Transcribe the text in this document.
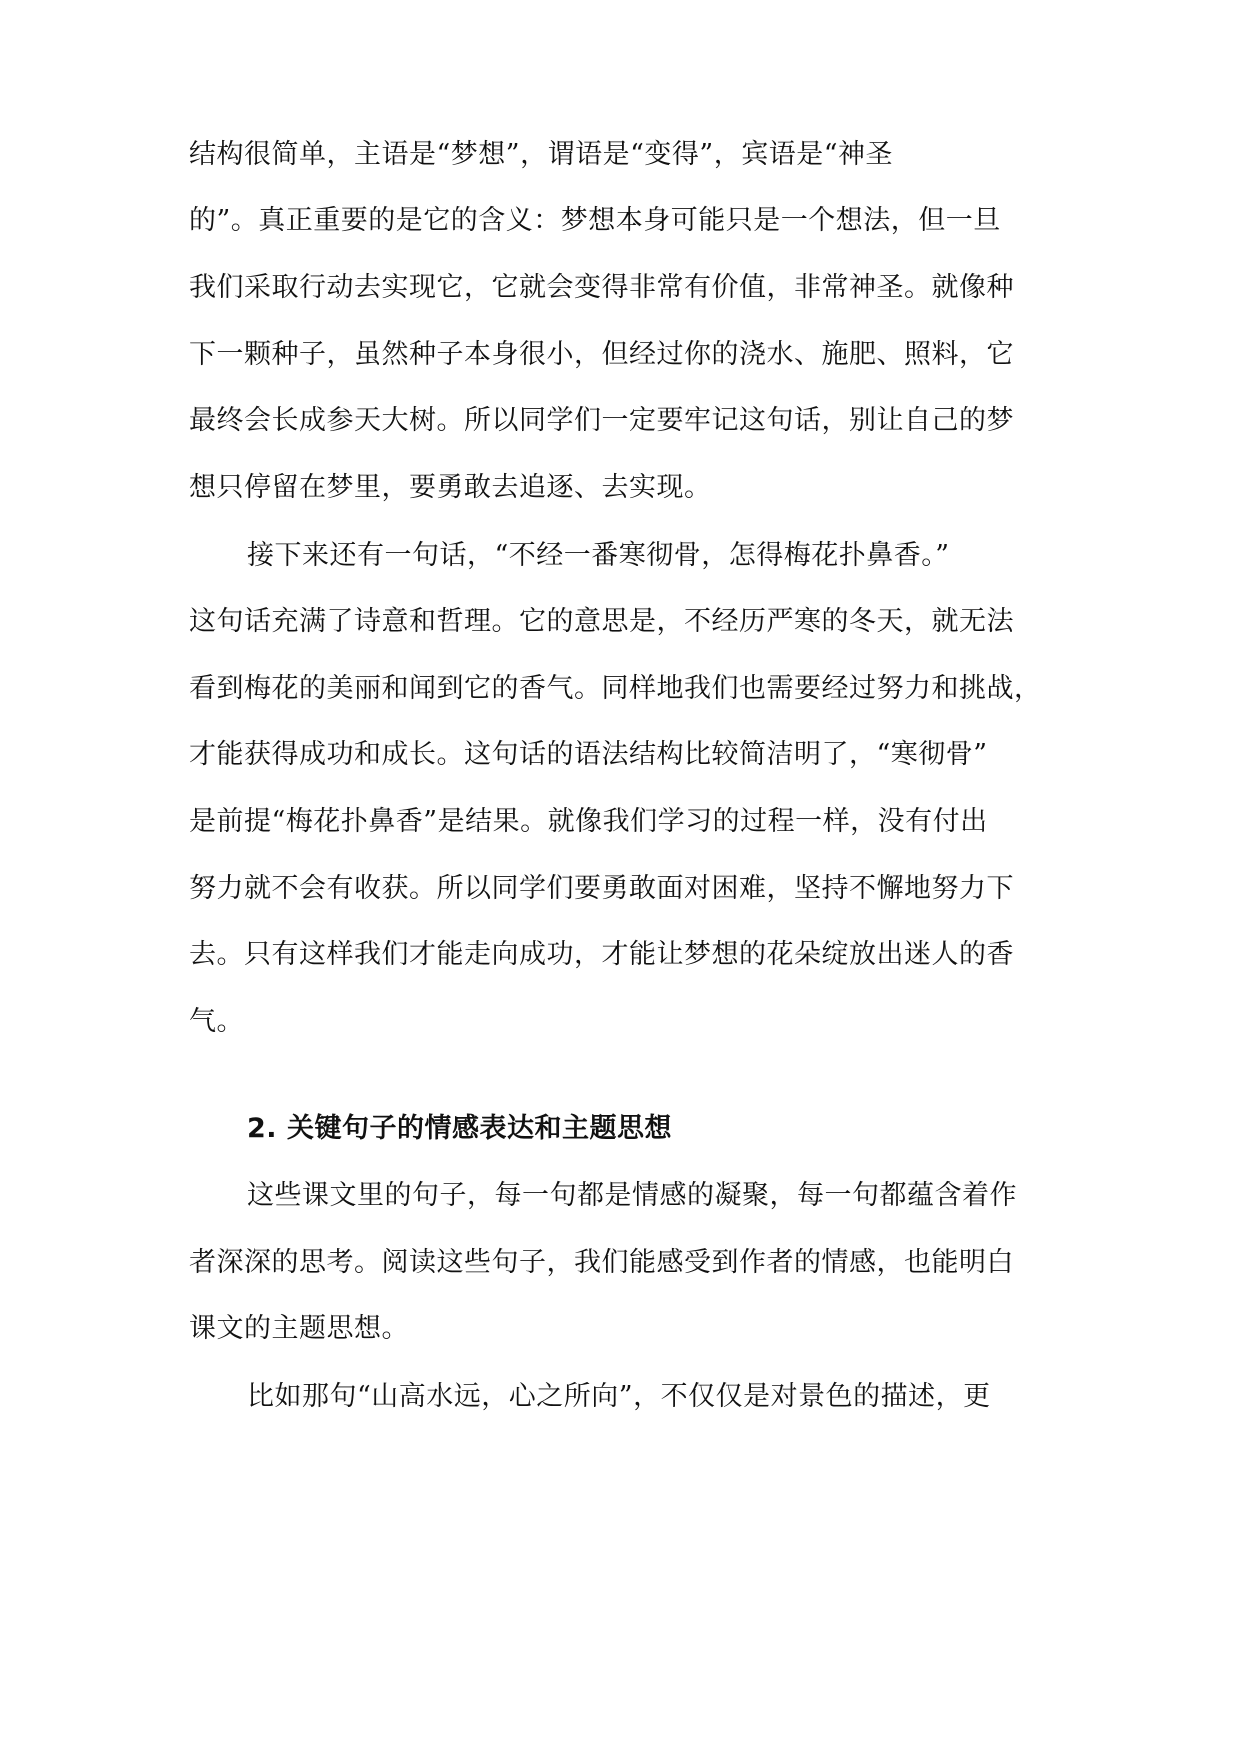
结构很简单，主语是“梦想”，谓语是“变得”，宾语是“神圣
的”。真正重要的是它的含义：梦想本身可能只是一个想法，但一旦
我们采取行动去实现它，它就会变得非常有价值，非常神圣。就像种
下一颗种子，虽然种子本身很小，但经过你的浇水、施肥、照料，它
最终会长成参天大树。所以同学们一定要牢记这句话，别让自己的梦
想只停留在梦里，要勇敢去追逐、去实现。
接下来还有一句话，“不经一番寒彻骨，怎得梅花扑鼻香。”
这句话充满了诗意和哲理。它的意思是，不经历严寒的冬天，就无法
看到梅花的美丽和闻到它的香气。同样地我们也需要经过努力和挑战，
才能获得成功和成长。这句话的语法结构比较简洁明了，“寒彻骨”
是前提“梅花扑鼻香”是结果。就像我们学习的过程一样，没有付出
努力就不会有收获。所以同学们要勇敢面对困难，坚持不懈地努力下
去。只有这样我们才能走向成功，才能让梦想的花朵绽放出迷人的香
气。
2. 关键句子的情感表达和主题思想
这些课文里的句子，每一句都是情感的凝聚，每一句都蕴含着作
者深深的思考。阅读这些句子，我们能感受到作者的情感，也能明白
课文的主题思想。
比如那句“山高水远，心之所向”，不仅仅是对景色的描述，更
